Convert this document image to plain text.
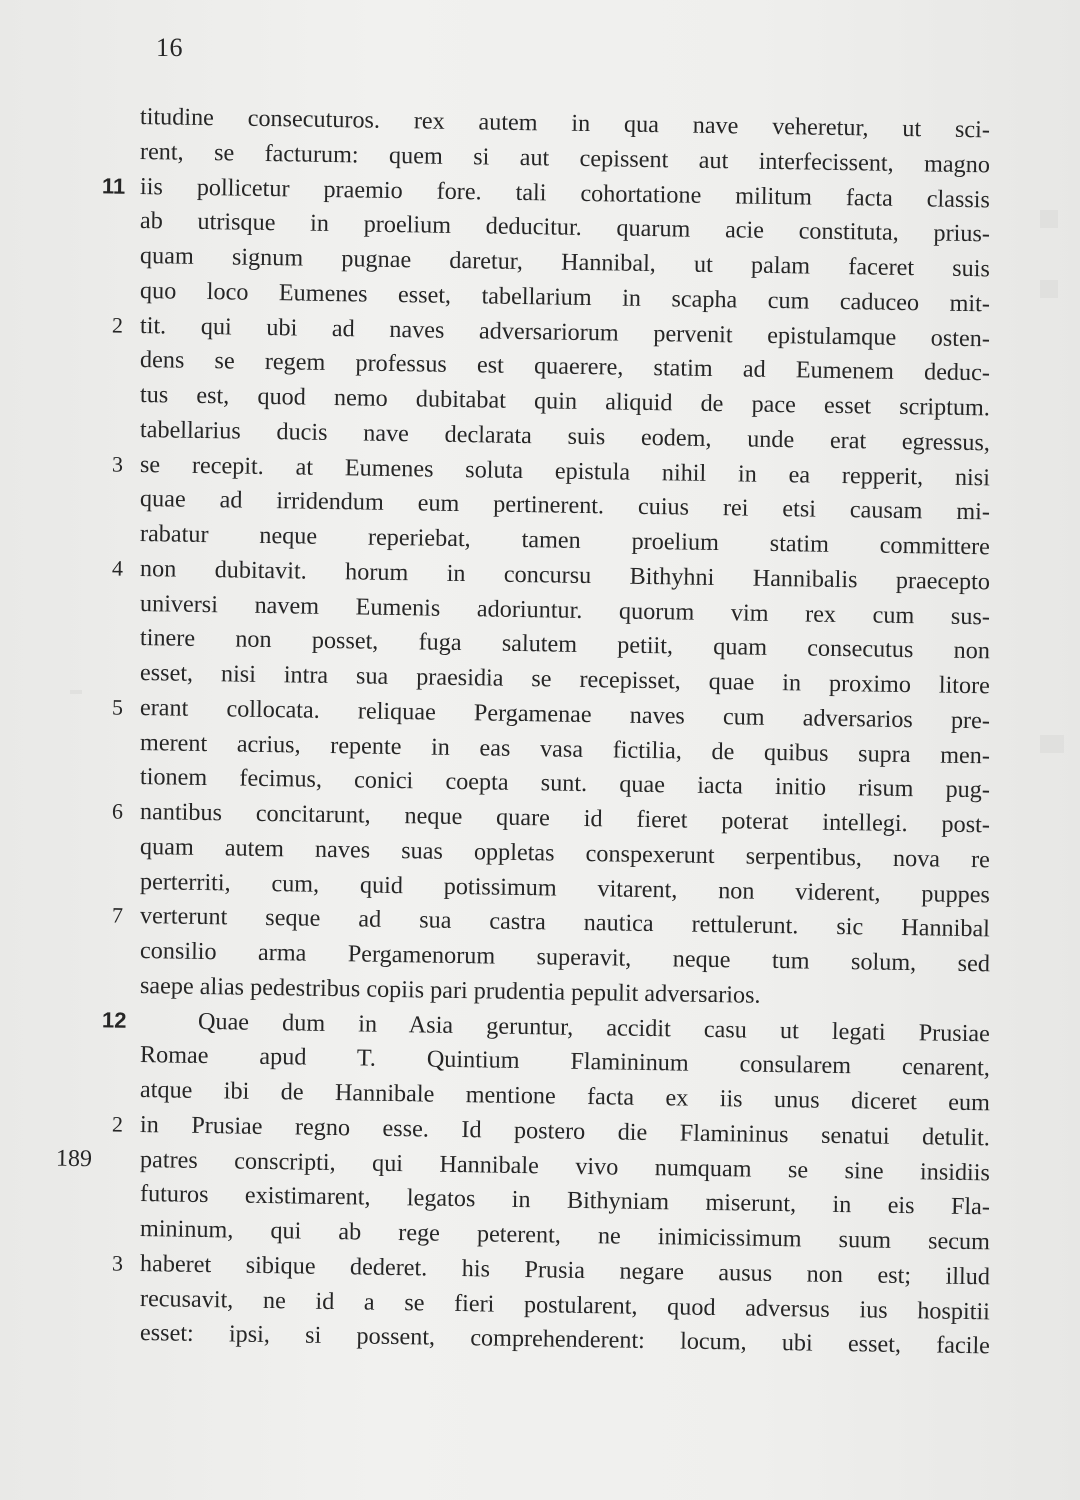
16
titudine consecuturos. rex autem in qua nave veheretur, ut sci-
rent, se facturum: quem si aut cepissent aut interfecissent, magno
11 iis pollicetur praemio fore. tali cohortatione militum facta classis
ab utrisque in proelium deducitur. quarum acie constituta, prius-
quam signum pugnae daretur, Hannibal, ut palam faceret suis
quo loco Eumenes esset, tabellarium in scapha cum caduceo mit-
2 tit. qui ubi ad naves adversariorum pervenit epistulamque osten-
dens se regem professus est quaerere, statim ad Eumenem deduc-
tus est, quod nemo dubitabat quin aliquid de pace esset scriptum.
tabellarius ducis nave declarata suis eodem, unde erat egressus,
3 se recepit. at Eumenes soluta epistula nihil in ea repperit, nisi
quae ad irridendum eum pertinerent. cuius rei etsi causam mi-
rabatur neque reperiebat, tamen proelium statim committere
4 non dubitavit. horum in concursu Bithyhni Hannibalis praecepto
universi navem Eumenis adoriuntur. quorum vim rex cum sus-
tinere non posset, fuga salutem petiit, quam consecutus non
esset, nisi intra sua praesidia se recepisset, quae in proximo litore
5 erant collocata. reliquae Pergamenae naves cum adversarios pre-
merent acrius, repente in eas vasa fictilia, de quibus supra men-
tionem fecimus, conici coepta sunt. quae iacta initio risum pug-
6 nantibus concitarunt, neque quare id fieret poterat intellegi. post-
quam autem naves suas oppletas conspexerunt serpentibus, nova re
perterriti, cum, quid potissimum vitarent, non viderent, puppes
7 verterunt seque ad sua castra nautica rettulerunt. sic Hannibal
consilio arma Pergamenorum superavit, neque tum solum, sed
saepe alias pedestribus copiis pari prudentia pepulit adversarios.
12	Quae dum in Asia geruntur, accidit casu ut legati Prusiae
Romae apud T. Quintium Flamininum consularem cenarent,
atque ibi de Hannibale mentione facta ex iis unus diceret eum
2 in Prusiae regno esse. Id postero die Flamininus senatui detulit.
189 patres conscripti, qui Hannibale vivo numquam se sine insidiis
futuros existimarent, legatos in Bithyniam miserunt, in eis Fla-
mininum, qui ab rege peterent, ne inimicissimum suum secum
3 haberet sibique dederet. his Prusia negare ausus non est; illud
recusavit, ne id a se fieri postularent, quod adversus ius hospitii
esset: ipsi, si possent, comprehenderent: locum, ubi esset, facile
